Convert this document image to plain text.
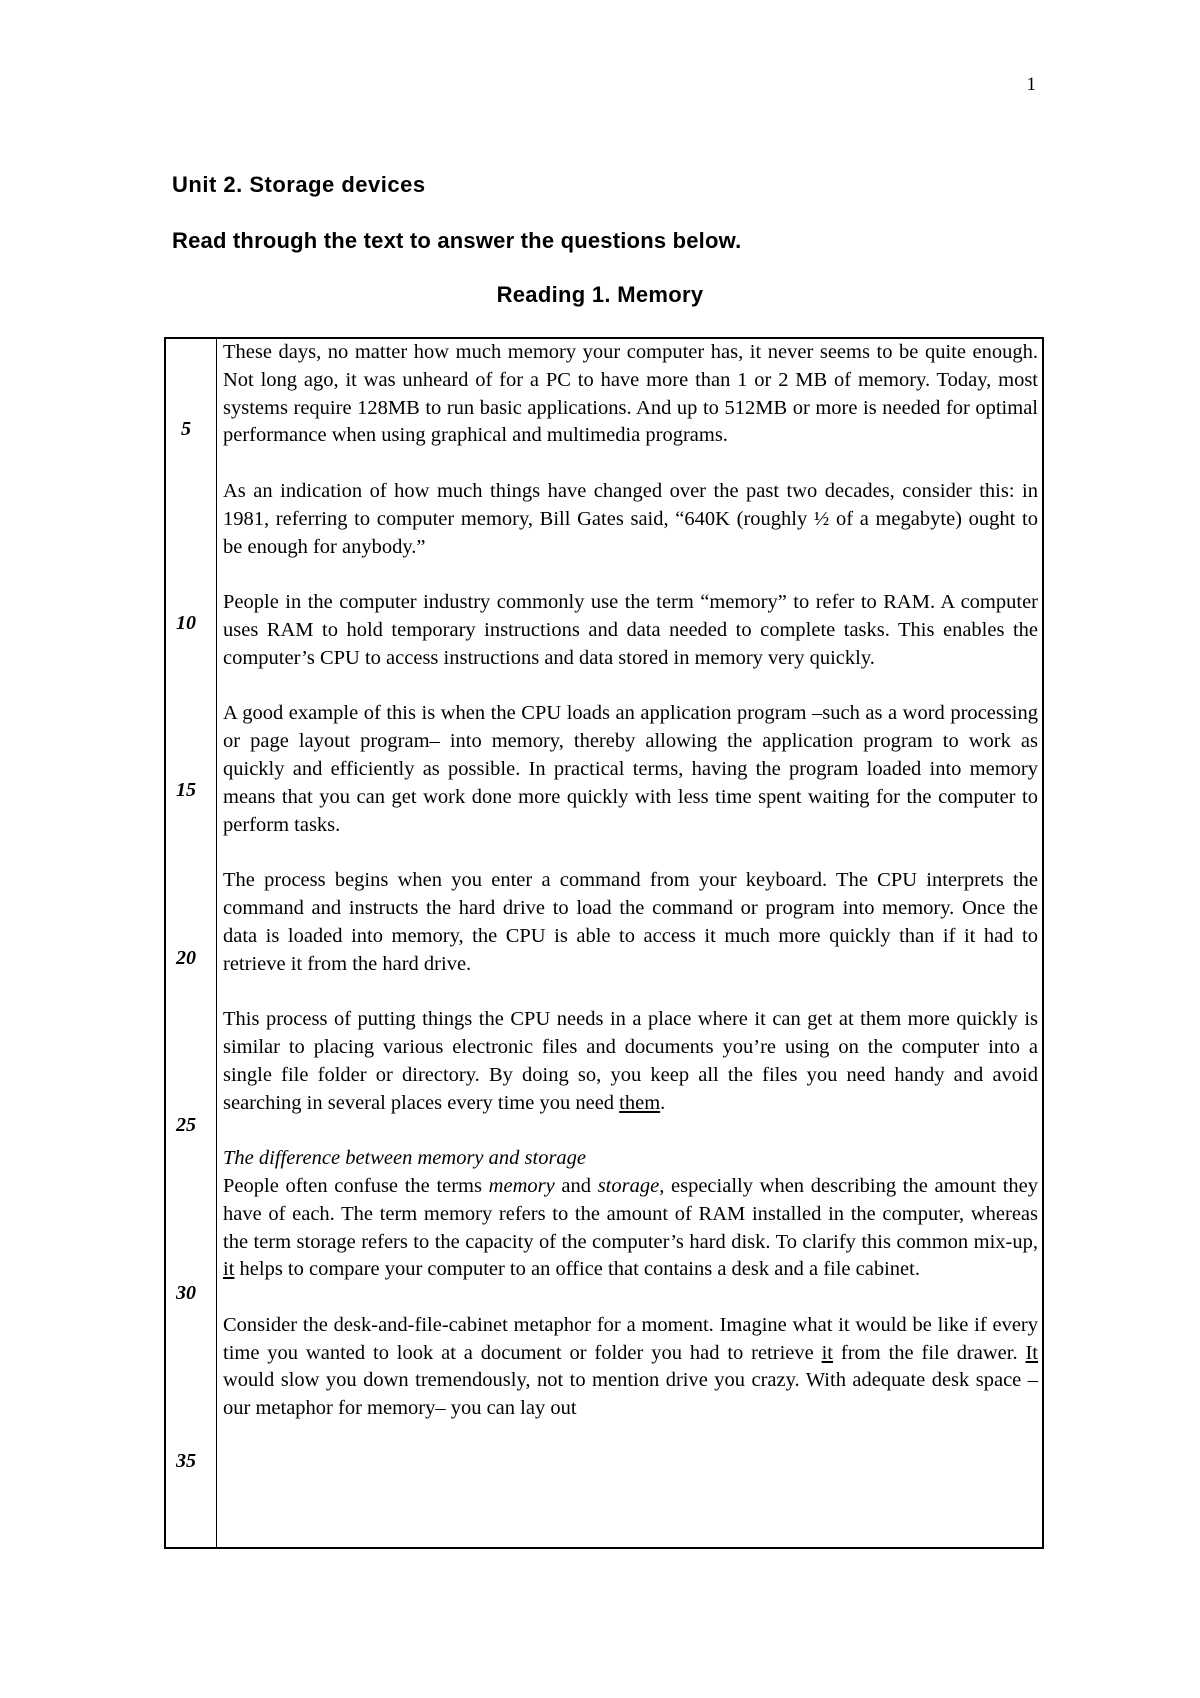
1
Unit 2. Storage devices
Read through the text to answer the questions below.
Reading 1. Memory
5
10
15
20
25
30
35

These days, no matter how much memory your computer has, it never seems to be quite enough. Not long ago, it was unheard of for a PC to have more than 1 or 2 MB of memory. Today, most systems require 128MB to run basic applications. And up to 512MB or more is needed for optimal performance when using graphical and multimedia programs.

As an indication of how much things have changed over the past two decades, consider this: in 1981, referring to computer memory, Bill Gates said, “640K (roughly ½ of a megabyte) ought to be enough for anybody.”

People in the computer industry commonly use the term “memory” to refer to RAM. A computer uses RAM to hold temporary instructions and data needed to complete tasks. This enables the computer’s CPU to access instructions and data stored in memory very quickly.

A good example of this is when the CPU loads an application program –such as a word processing or page layout program– into memory, thereby allowing the application program to work as quickly and efficiently as possible. In practical terms, having the program loaded into memory means that you can get work done more quickly with less time spent waiting for the computer to perform tasks.

The process begins when you enter a command from your keyboard. The CPU interprets the command and instructs the hard drive to load the command or program into memory. Once the data is loaded into memory, the CPU is able to access it much more quickly than if it had to retrieve it from the hard drive.

This process of putting things the CPU needs in a place where it can get at them more quickly is similar to placing various electronic files and documents you’re using on the computer into a single file folder or directory. By doing so, you keep all the files you need handy and avoid searching in several places every time you need them.

The difference between memory and storage

People often confuse the terms memory and storage, especially when describing the amount they have of each. The term memory refers to the amount of RAM installed in the computer, whereas the term storage refers to the capacity of the computer’s hard disk. To clarify this common mix-up, it helps to compare your computer to an office that contains a desk and a file cabinet.

Consider the desk-and-file-cabinet metaphor for a moment. Imagine what it would be like if every time you wanted to look at a document or folder you had to retrieve it from the file drawer. It would slow you down tremendously, not to mention drive you crazy. With adequate desk space –our metaphor for memory– you can lay out
